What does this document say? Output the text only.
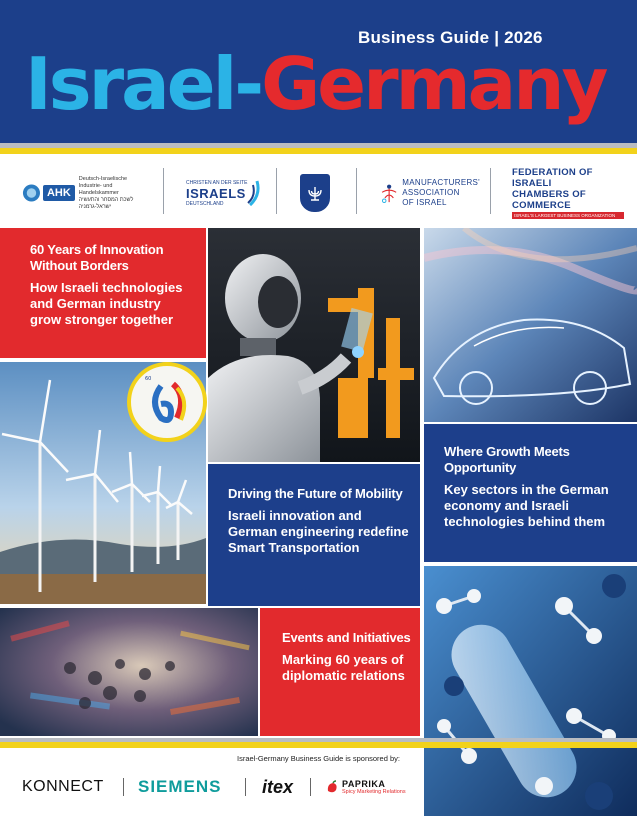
Business Guide | 2026
Israel-Germany
AHK
Deutsch-Israelische
Industrie- und Handelskammer
לשכת המסחר והתעשיה
ישראל-גרמניה
CHRISTEN AN DER SEITE
ISRAELS
DEUTSCHLAND
MANUFACTURERS'
ASSOCIATION
OF ISRAEL
FEDERATION OF ISRAELI
CHAMBERS OF COMMERCE
ISRAEL'S LARGEST BUSINESS ORGANIZATION
60 Years of Innovation Without Borders
How Israeli technologies and German industry grow stronger together
60
Driving the Future of Mobility
Israeli innovation and German engineering redefine Smart Transportation
Events and Initiatives
Marking 60 years of diplomatic relations
Where Growth Meets Opportunity
Key sectors in the German economy and Israeli technologies behind them
Israel-Germany Business Guide is sponsored by:
KONNECT SIEMENS itex	PAPRIKA
Spicy Marketing Relations
